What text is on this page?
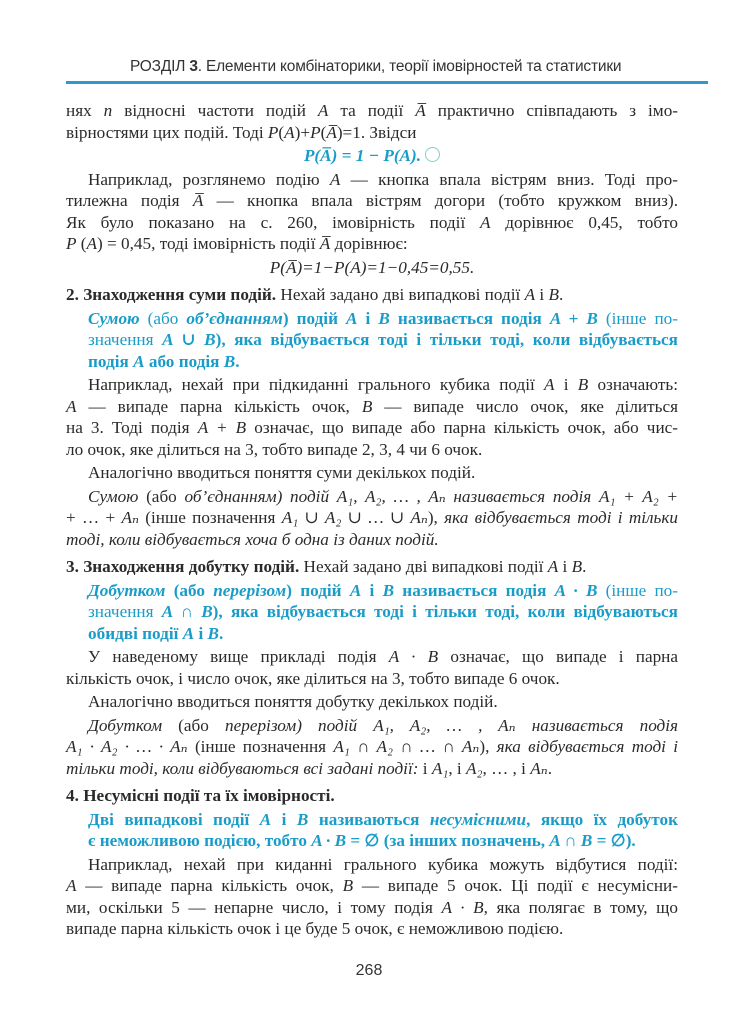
РОЗДІЛ 3. Елементи комбінаторики, теорії імовірностей та статистики
нях n відносні частоти подій A та події A̅ практично співпадають з імо-
вірностями цих подій. Тоді P(A)+P(A̅)=1. Звідси
P(A̅) = 1 − P(A).
Наприклад, розглянемо подію A — кнопка впала вістрям вниз. Тоді про-
тилежна подія A̅ — кнопка впала вістрям догори (тобто кружком вниз).
Як було показано на с. 260, імовірність події A дорівнює 0,45, тобто
P (A) = 0,45, тоді імовірність події A̅ дорівнює:
P(A̅)=1−P(A)=1−0,45=0,55.
2. Знаходження суми подій. Нехай задано дві випадкові події A і B.
Сумою (або об’єднанням) подій A і B називається подія A + B (інше по-
значення A ∪ B), яка відбувається тоді і тільки тоді, коли відбувається
подія A або подія B.
Наприклад, нехай при підкиданні грального кубика події A і B означають:
A — випаде парна кількість очок, B — випаде число очок, яке ділиться
на 3. Тоді подія A + B означає, що випаде або парна кількість очок, або чис-
ло очок, яке ділиться на 3, тобто випаде 2, 3, 4 чи 6 очок.
Аналогічно вводиться поняття суми декількох подій.
Сумою (або об’єднанням) подій A₁, A₂, … , Aₙ називається подія A₁ + A₂ +
+ … + Aₙ (інше позначення A₁ ∪ A₂ ∪ … ∪ Aₙ), яка відбувається тоді і тільки
тоді, коли відбувається хоча б одна із даних подій.
3. Знаходження добутку подій. Нехай задано дві випадкові події A і B.
Добутком (або перерізом) подій A і B називається подія A · B (інше по-
значення A ∩ B), яка відбувається тоді і тільки тоді, коли відбуваються
обидві події A і B.
У наведеному вище прикладі подія A · B означає, що випаде і парна
кількість очок, і число очок, яке ділиться на 3, тобто випаде 6 очок.
Аналогічно вводиться поняття добутку декількох подій.
Добутком (або перерізом) подій A₁, A₂, … , Aₙ називається подія
A₁ · A₂ · … · Aₙ (інше позначення A₁ ∩ A₂ ∩ … ∩ Aₙ), яка відбувається тоді і
тільки тоді, коли відбуваються всі задані події: і A₁, і A₂, … , і Aₙ.
4. Несумісні події та їх імовірності.
Дві випадкові події A і B називаються несумісними, якщо їх добуток
є неможливою подією, тобто A · B = ∅ (за інших позначень, A ∩ B = ∅).
Наприклад, нехай при киданні грального кубика можуть відбутися події:
A — випаде парна кількість очок, B — випаде 5 очок. Ці події є несумісни-
ми, оскільки 5 — непарне число, і тому подія A · B, яка полягає в тому, що
випаде парна кількість очок і це буде 5 очок, є неможливою подією.
268
